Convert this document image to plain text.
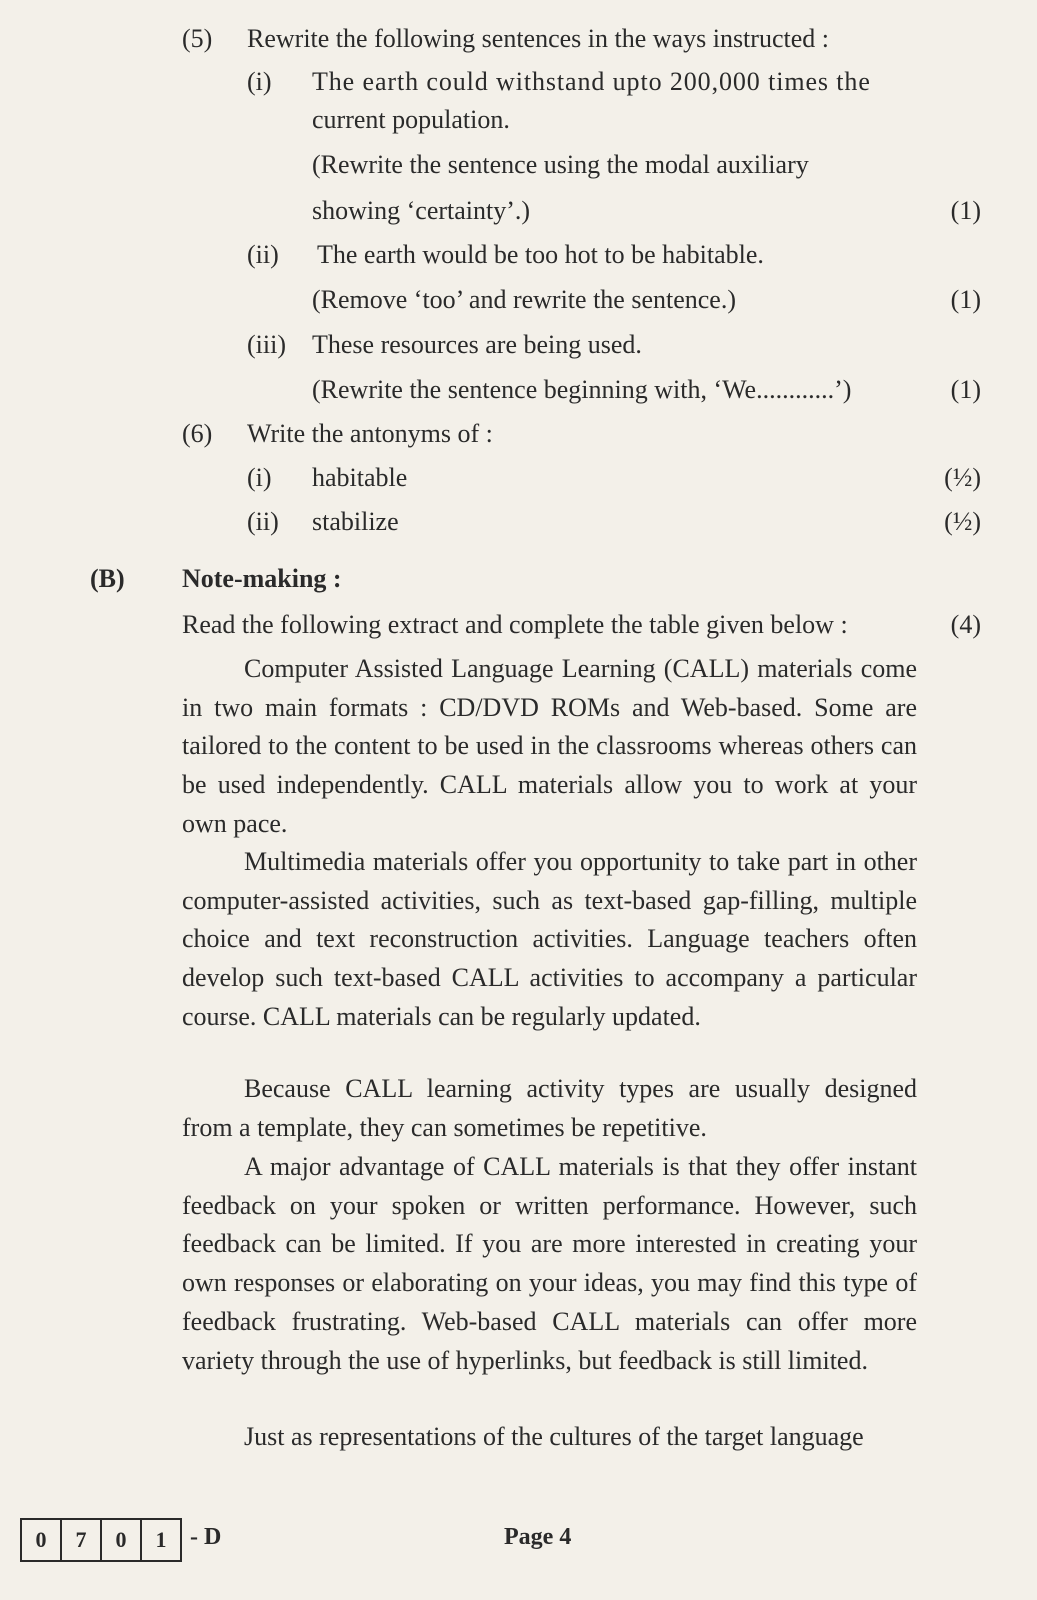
(5) Rewrite the following sentences in the ways instructed :
(i) The earth could withstand upto 200,000 times the
current population.
(Rewrite the sentence using the modal auxiliary
showing ‘certainty’.)	(1)
(ii) The earth would be too hot to be habitable.
(Remove ‘too’ and rewrite the sentence.)	(1)
(iii) These resources are being used.
(Rewrite the sentence beginning with, ‘We............’)	(1)
(6) Write the antonyms of :
(i) habitable	(½)
(ii) stabilize	(½)
(B) Note-making :
Read the following extract and complete the table given below :	(4)
Computer Assisted Language Learning (CALL) materials come in two main formats : CD/DVD ROMs and Web-based. Some are tailored to the content to be used in the classrooms whereas others can be used independently. CALL materials allow you to work at your own pace.
Multimedia materials offer you opportunity to take part in other computer-assisted activities, such as text-based gap-filling, multiple choice and text reconstruction activities. Language teachers often develop such text-based CALL activities to accompany a particular course. CALL materials can be regularly updated.
Because CALL learning activity types are usually designed from a template, they can sometimes be repetitive.
A major advantage of CALL materials is that they offer instant feedback on your spoken or written performance. However, such feedback can be limited. If you are more interested in creating your own responses or elaborating on your ideas, you may find this type of feedback frustrating. Web-based CALL materials can offer more variety through the use of hyperlinks, but feedback is still limited.
Just as representations of the cultures of the target language
0	7	0	1 - D	Page 4
